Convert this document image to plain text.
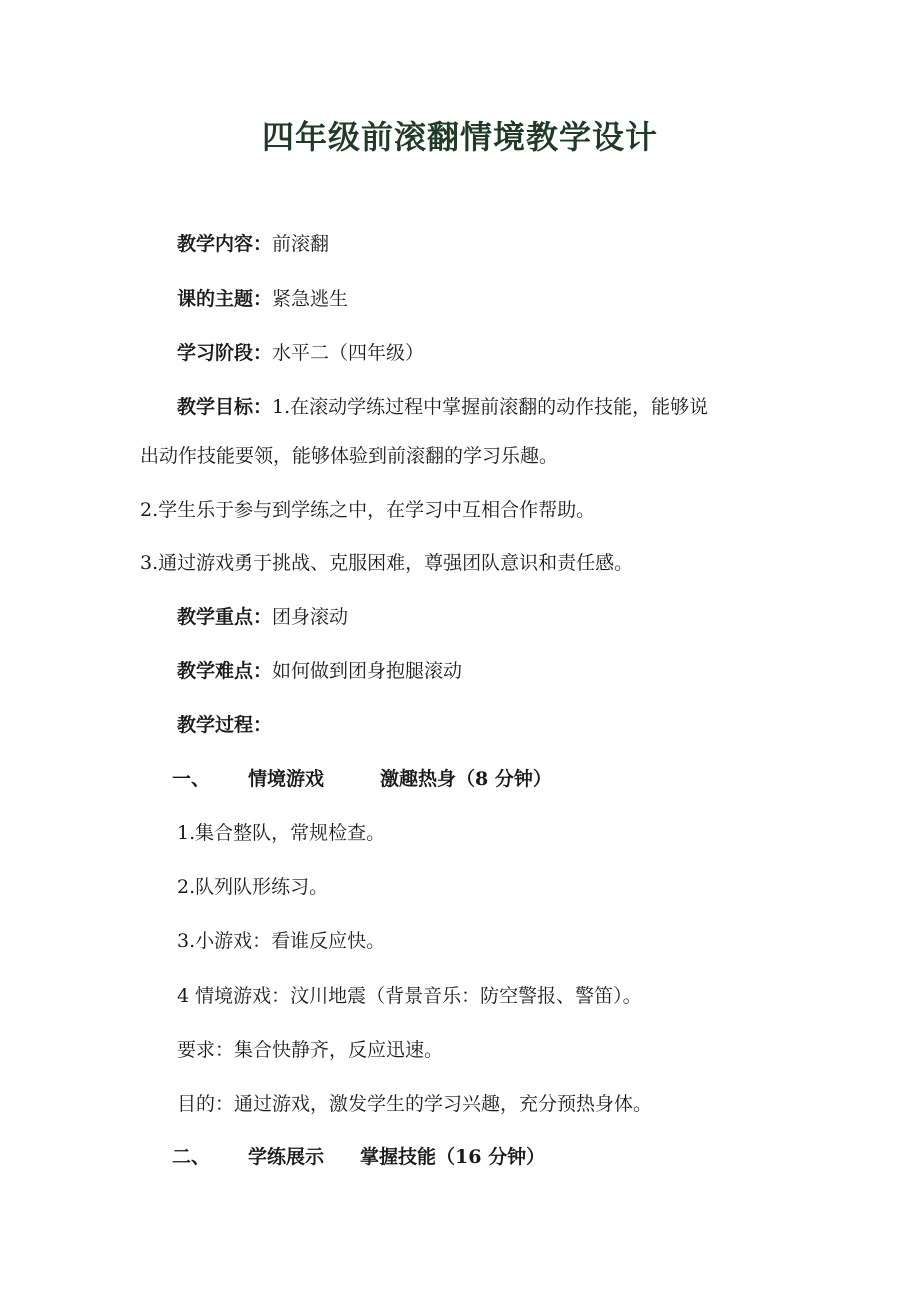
四年级前滚翻情境教学设计
教学内容：前滚翻
课的主题：紧急逃生
学习阶段：水平二（四年级）
教学目标：1.在滚动学练过程中掌握前滚翻的动作技能，能够说
出动作技能要领，能够体验到前滚翻的学习乐趣。
2.学生乐于参与到学练之中，在学习中互相合作帮助。
3.通过游戏勇于挑战、克服困难，尊强团队意识和责任感。
教学重点：团身滚动
教学难点：如何做到团身抱腿滚动
教学过程：
一、 情境游戏	激趣热身（8 分钟）
1.集合整队，常规检查。
2.队列队形练习。
3.小游戏：看谁反应快。
4 情境游戏：汶川地震（背景音乐：防空警报、警笛）。
要求：集合快静齐，反应迅速。
目的：通过游戏，激发学生的学习兴趣，充分预热身体。
二、 学练展示 掌握技能（16 分钟）
